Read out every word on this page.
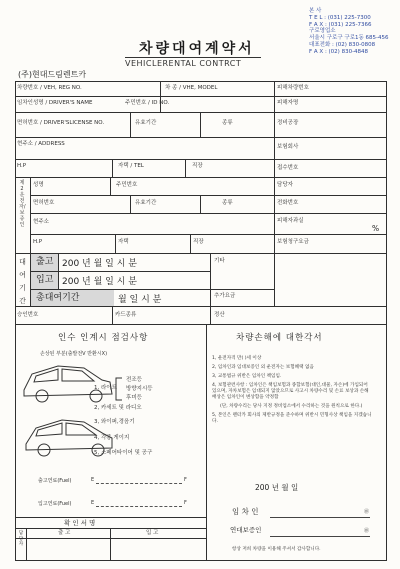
본 사
T E L : (031) 225-7300
F A X : (031) 225-7366
구로영업소
서울시 구로구 구로1동 685-456
대표전화 : (02) 830-0808
F A X : (02) 830-4848
차량대여계약서
VEHICLERENTAL CONTRCT
(주)현대드림렌트카
차량번호 / VEH, REG NO.	차 종 / VHE, MODEL	피해차량번호
임차인성명 / DRIVER'S NAME	주민번호 / ID NO.	피해자명
면허번호 / DRIVER'SLICENSE NO.	유효기간	종류	정비공장
현주소 / ADDRESS	보험회사
H.P	자택 / TEL	직장	접수번호
제2운전자/보증인
성명	주민번호	담당자
면허번호	유효기간	종류	전화번호
현주소	피해자과실
%
H.P	자택	직장	보험청구요금
대여기간
출고 200 년 월 일 시 분
입고 200 년 월 일 시 분
총대여기간	월 일 시 분
기타
추가요금
승인번호	카드종류	정산
인수 인계시 점검사항
손상된 부분(출발전V 반환시X)
1, 라이트
전조등
방향지시등
후미등
2, 카세트 및 라디오
3, 와이퍼,경음기
4, 각종 게이지
5, 스페어타이어 및 공구
출고연료(Fuel)	E	F
입고연료(Fuel)	E	F
확 인 서 명
담당자
출 고	입 고
차량손해에 대한각서
1, 운전자격 만( )세 이상
2, 임차인과 임대보증인 외 운전자는 보험혜택 없음
3, 교통법규 위반은 임차인 책임임.
4, 보험관련사항 : 임차인은 책임보험과 종합보험(대인,대물, 자손)에 가입되어 있으며, 자차보험은 임대되지 않았으므로 사고시 차량수리 및 손료 보상과 손해배상은 임차인이 변상함을 약정함
(단, 차량수리는 당사 지정 정비업소에서 수리하는 것을 원칙으로 한다.)
5, 본인은 렌터카 회사의 제반규정을 준수하며 위반시 민형사상 책임을 지겠습니다.
200 년 월 일
임 차 인	㊞
연대보증인	㊞
항상 저희 차량을 이용해 주셔서 감사합니다.
